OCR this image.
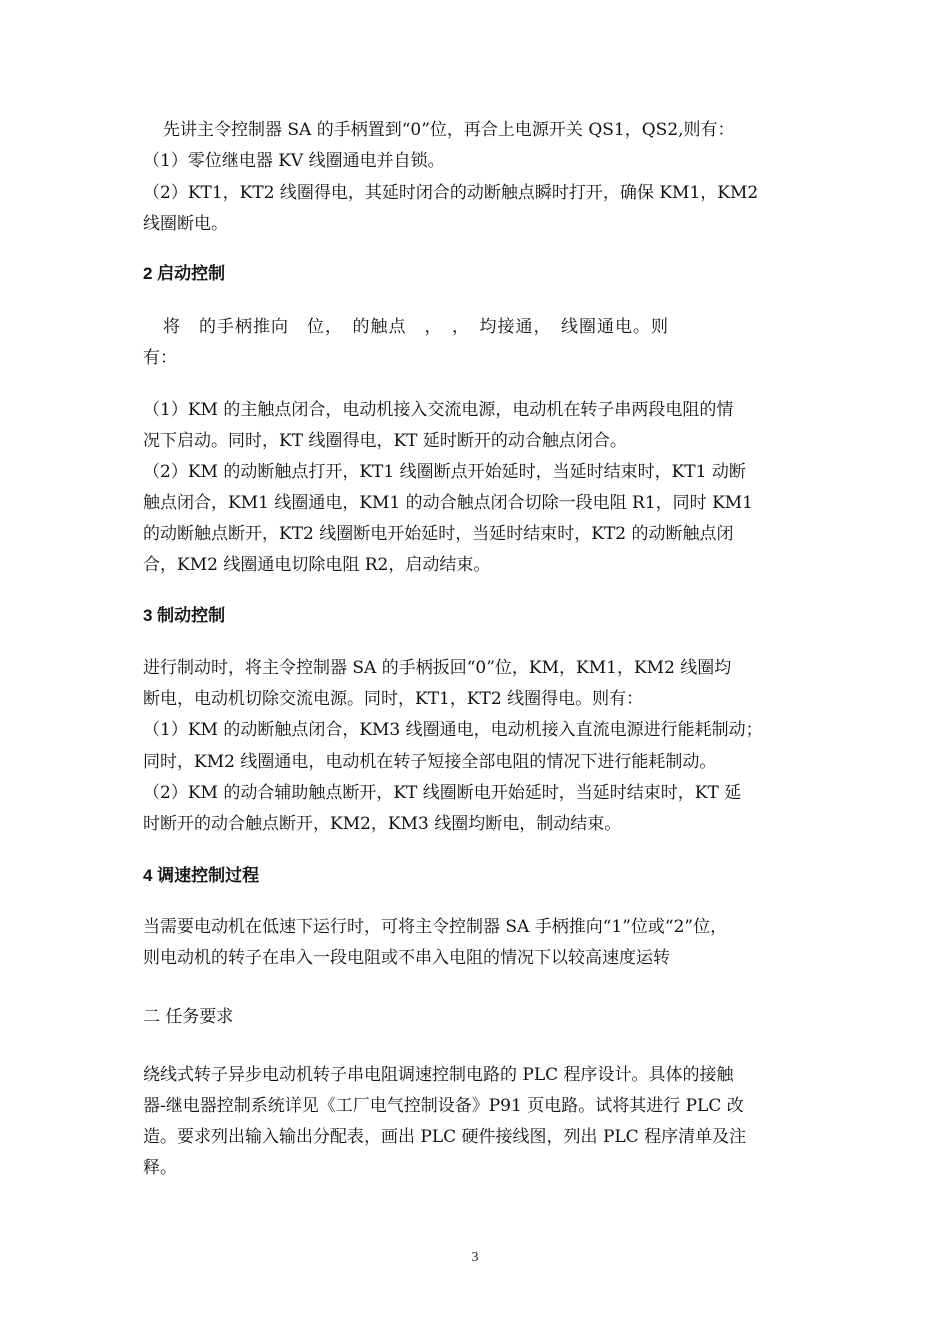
先讲主令控制器 SA 的手柄置到“0”位，再合上电源开关 QS1，QS2,则有：
（1）零位继电器 KV 线圈通电并自锁。
（2）KT1，KT2 线圈得电，其延时闭合的动断触点瞬时打开，确保 KM1，KM2
线圈断电。
2 启动控制
将　的手柄推向　位，　的触点　，　，　均接通，　线圈通电。则
有：
（1）KM 的主触点闭合，电动机接入交流电源，电动机在转子串两段电阻的情
况下启动。同时，KT 线圈得电，KT 延时断开的动合触点闭合。
（2）KM 的动断触点打开，KT1 线圈断点开始延时，当延时结束时，KT1 动断
触点闭合，KM1 线圈通电，KM1 的动合触点闭合切除一段电阻 R1，同时 KM1
的动断触点断开，KT2 线圈断电开始延时，当延时结束时，KT2 的动断触点闭
合，KM2 线圈通电切除电阻 R2，启动结束。
3 制动控制
进行制动时，将主令控制器 SA 的手柄扳回“0”位，KM，KM1，KM2 线圈均
断电，电动机切除交流电源。同时，KT1，KT2 线圈得电。则有：
（1）KM 的动断触点闭合，KM3 线圈通电，电动机接入直流电源进行能耗制动；
同时，KM2 线圈通电，电动机在转子短接全部电阻的情况下进行能耗制动。
（2）KM 的动合辅助触点断开，KT 线圈断电开始延时，当延时结束时，KT 延
时断开的动合触点断开，KM2，KM3 线圈均断电，制动结束。
4 调速控制过程
当需要电动机在低速下运行时，可将主令控制器 SA 手柄推向“1”位或“2”位，
则电动机的转子在串入一段电阻或不串入电阻的情况下以较高速度运转
二 任务要求
绕线式转子异步电动机转子串电阻调速控制电路的 PLC 程序设计。具体的接触
器-继电器控制系统详见《工厂电气控制设备》P91 页电路。试将其进行 PLC 改
造。要求列出输入输出分配表，画出 PLC 硬件接线图，列出 PLC 程序清单及注
释。
3
